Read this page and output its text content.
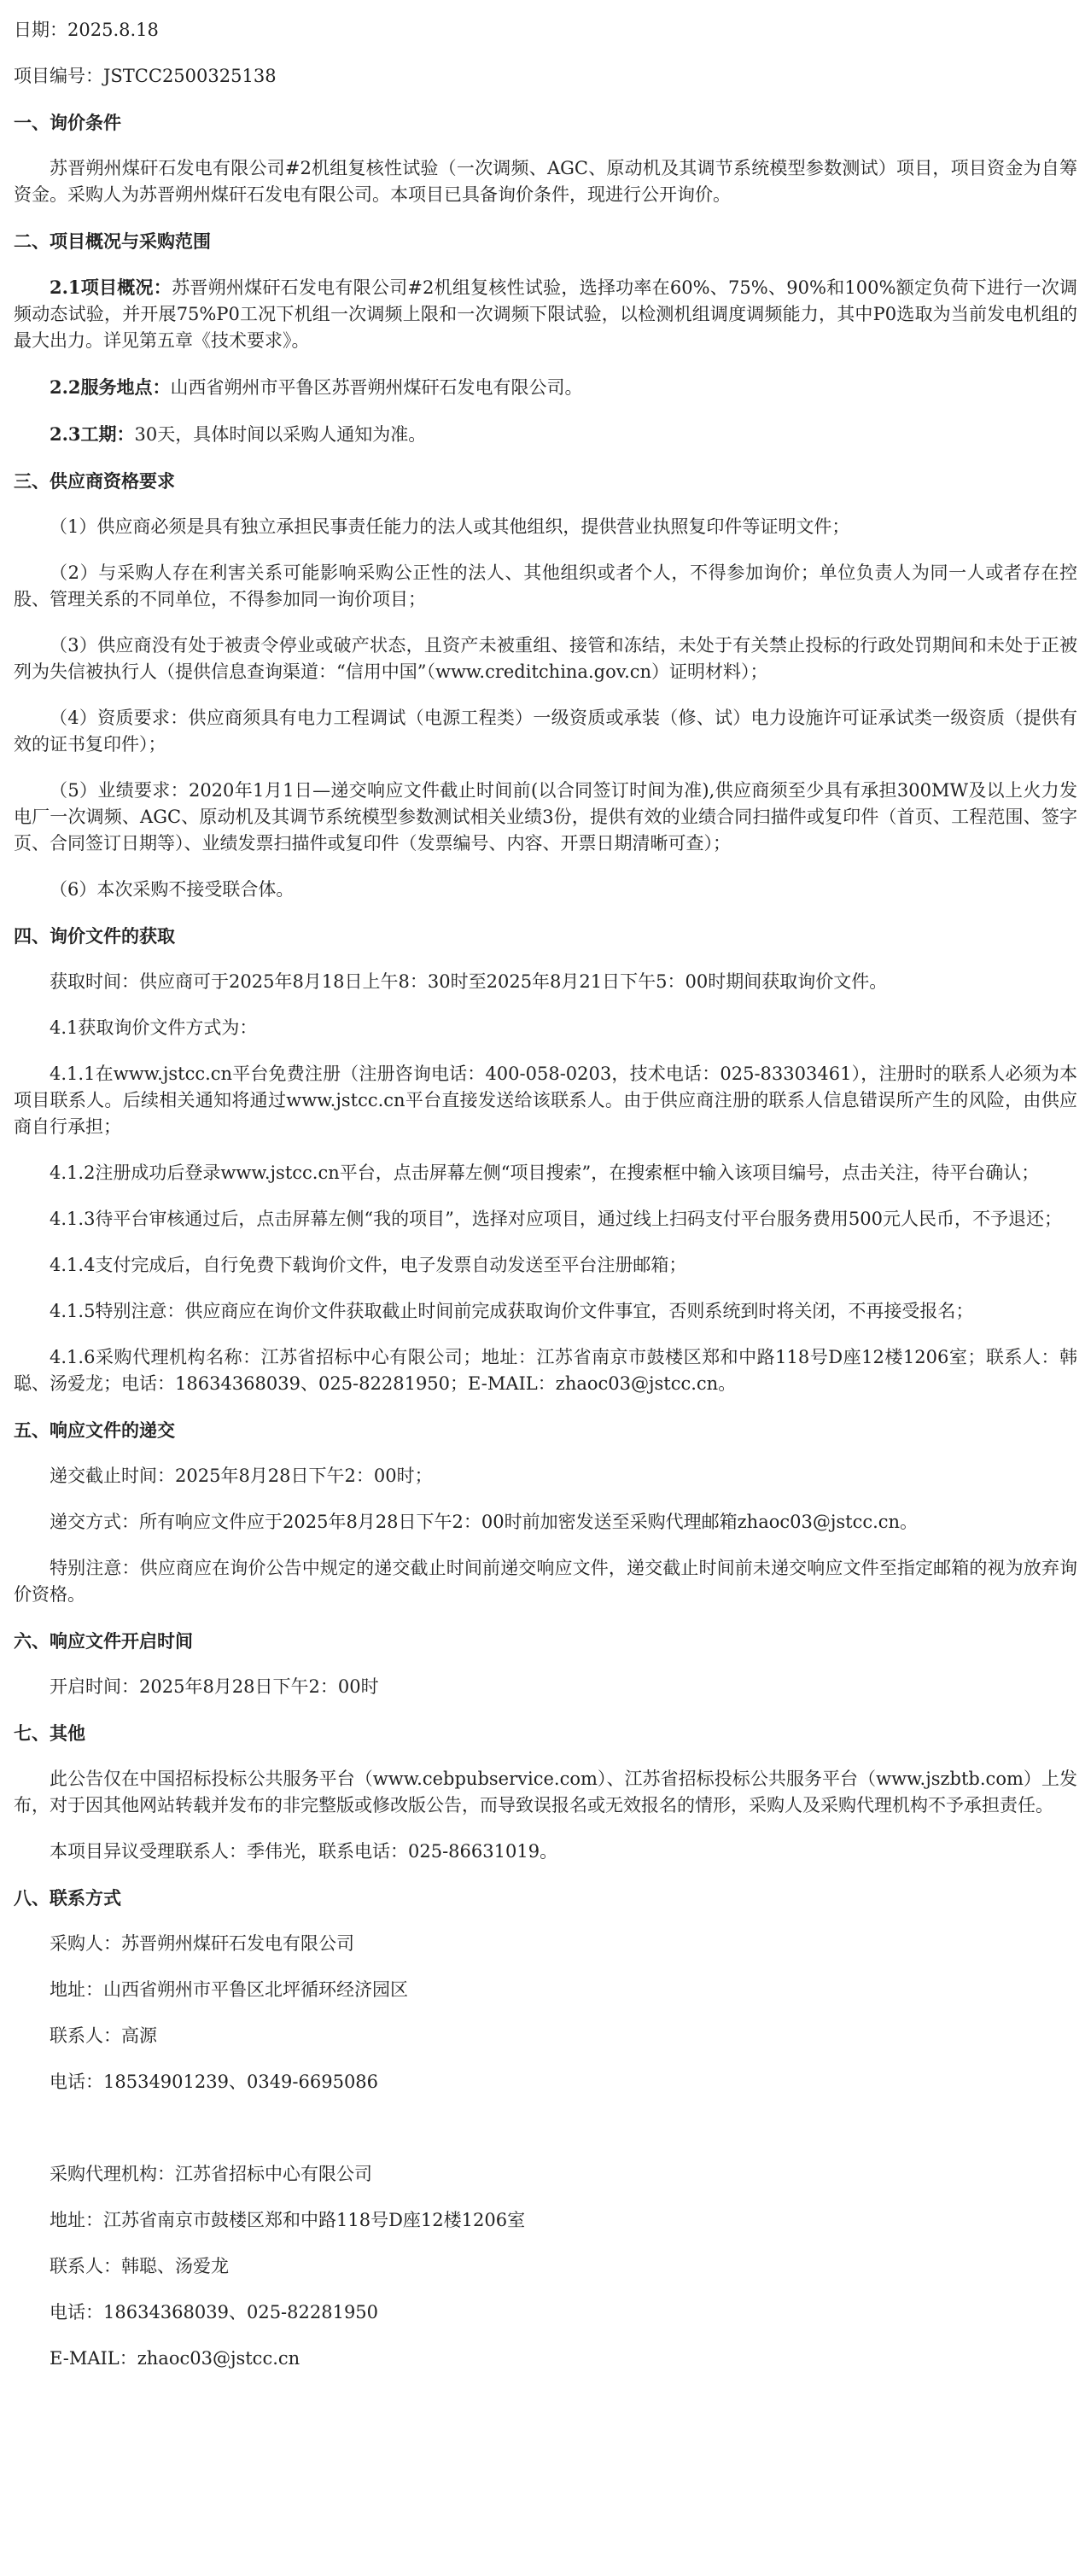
日期：2025.8.18
项目编号：JSTCC2500325138
一、询价条件
苏晋朔州煤矸石发电有限公司#2机组复核性试验（一次调频、AGC、原动机及其调节系统模型参数测试）项目，项目资金为自筹资金。采购人为苏晋朔州煤矸石发电有限公司。本项目已具备询价条件，现进行公开询价。
二、项目概况与采购范围
2.1项目概况：苏晋朔州煤矸石发电有限公司#2机组复核性试验，选择功率在60%、75%、90%和100%额定负荷下进行一次调频动态试验，并开展75%P0工况下机组一次调频上限和一次调频下限试验，以检测机组调度调频能力，其中P0选取为当前发电机组的最大出力。详见第五章《技术要求》。
2.2服务地点：山西省朔州市平鲁区苏晋朔州煤矸石发电有限公司。
2.3工期：30天，具体时间以采购人通知为准。
三、供应商资格要求
（1）供应商必须是具有独立承担民事责任能力的法人或其他组织，提供营业执照复印件等证明文件；
（2）与采购人存在利害关系可能影响采购公正性的法人、其他组织或者个人，不得参加询价；单位负责人为同一人或者存在控股、管理关系的不同单位，不得参加同一询价项目；
（3）供应商没有处于被责令停业或破产状态，且资产未被重组、接管和冻结，未处于有关禁止投标的行政处罚期间和未处于正被列为失信被执行人（提供信息查询渠道：“信用中国”（www.creditchina.gov.cn）证明材料）；
（4）资质要求：供应商须具有电力工程调试（电源工程类）一级资质或承装（修、试）电力设施许可证承试类一级资质（提供有效的证书复印件）；
（5）业绩要求：2020年1月1日—递交响应文件截止时间前(以合同签订时间为准),供应商须至少具有承担300MW及以上火力发电厂一次调频、AGC、原动机及其调节系统模型参数测试相关业绩3份，提供有效的业绩合同扫描件或复印件（首页、工程范围、签字页、合同签订日期等）、业绩发票扫描件或复印件（发票编号、内容、开票日期清晰可查）；
（6）本次采购不接受联合体。
四、询价文件的获取
获取时间：供应商可于2025年8月18日上午8：30时至2025年8月21日下午5：00时期间获取询价文件。
4.1获取询价文件方式为：
4.1.1在www.jstcc.cn平台免费注册（注册咨询电话：400-058-0203，技术电话：025-83303461），注册时的联系人必须为本项目联系人。后续相关通知将通过www.jstcc.cn平台直接发送给该联系人。由于供应商注册的联系人信息错误所产生的风险，由供应商自行承担；
4.1.2注册成功后登录www.jstcc.cn平台，点击屏幕左侧“项目搜索”，在搜索框中输入该项目编号，点击关注，待平台确认；
4.1.3待平台审核通过后，点击屏幕左侧“我的项目”，选择对应项目，通过线上扫码支付平台服务费用500元人民币，不予退还；
4.1.4支付完成后，自行免费下载询价文件，电子发票自动发送至平台注册邮箱；
4.1.5特别注意：供应商应在询价文件获取截止时间前完成获取询价文件事宜，否则系统到时将关闭，不再接受报名；
4.1.6采购代理机构名称：江苏省招标中心有限公司；地址：江苏省南京市鼓楼区郑和中路118号D座12楼1206室；联系人：韩聪、汤爱龙；电话：18634368039、025-82281950；E-MAIL：zhaoc03@jstcc.cn。
五、响应文件的递交
递交截止时间：2025年8月28日下午2：00时；
递交方式：所有响应文件应于2025年8月28日下午2：00时前加密发送至采购代理邮箱zhaoc03@jstcc.cn。
特别注意：供应商应在询价公告中规定的递交截止时间前递交响应文件，递交截止时间前未递交响应文件至指定邮箱的视为放弃询价资格。
六、响应文件开启时间
开启时间：2025年8月28日下午2：00时
七、其他
此公告仅在中国招标投标公共服务平台（www.cebpubservice.com）、江苏省招标投标公共服务平台（www.jszbtb.com）上发布，对于因其他网站转载并发布的非完整版或修改版公告，而导致误报名或无效报名的情形，采购人及采购代理机构不予承担责任。
本项目异议受理联系人：季伟光，联系电话：025-86631019。
八、联系方式
采购人：苏晋朔州煤矸石发电有限公司
地址：山西省朔州市平鲁区北坪循环经济园区
联系人：高源
电话：18534901239、0349-6695086
采购代理机构：江苏省招标中心有限公司
地址：江苏省南京市鼓楼区郑和中路118号D座12楼1206室
联系人：韩聪、汤爱龙
电话：18634368039、025-82281950
E-MAIL：zhaoc03@jstcc.cn
